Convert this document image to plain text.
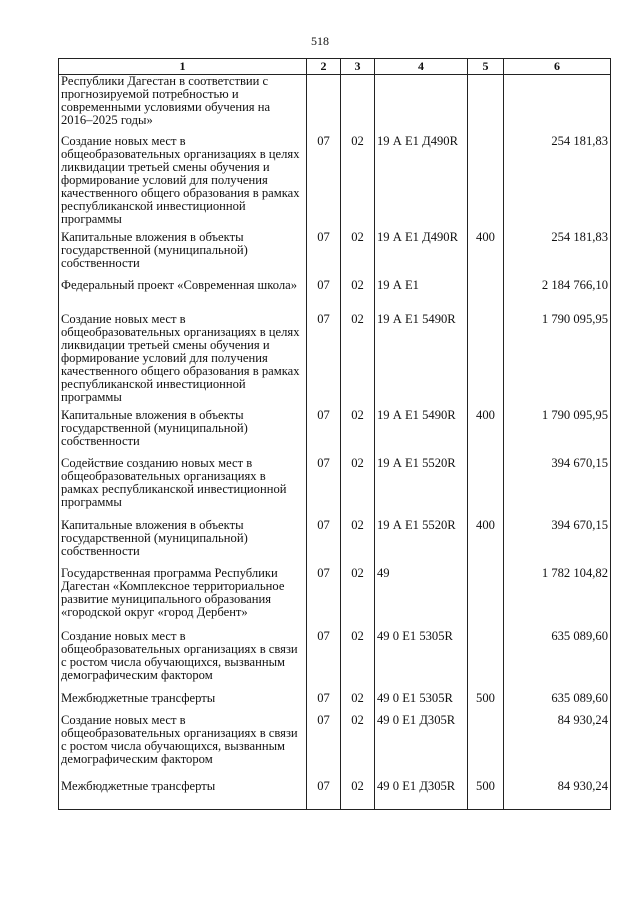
518
1	2	3	4	5	6
Республики Дагестан в соответствии с прогнозируемой потребностью и современными условиями обучения на 2016–2025 годы»					
Создание новых мест в общеобразовательных организациях в целях ликвидации третьей смены обучения и формирование условий для получения качественного общего образования в рамках республиканской инвестиционной программы	07	02	19 А Е1 Д490R		254 181,83
Капитальные вложения в объекты государственной (муниципальной) собственности	07	02	19 А Е1 Д490R	400	254 181,83
Федеральный проект «Современная школа»	07	02	19 А Е1		2 184 766,10
Создание новых мест в общеобразовательных организациях в целях ликвидации третьей смены обучения и формирование условий для получения качественного общего образования в рамках республиканской инвестиционной программы	07	02	19 А Е1 5490R		1 790 095,95
Капитальные вложения в объекты государственной (муниципальной) собственности	07	02	19 А Е1 5490R	400	1 790 095,95
Содействие созданию новых мест в общеобразовательных организациях в рамках республиканской инвестиционной программы	07	02	19 А Е1 5520R		394 670,15
Капитальные вложения в объекты государственной (муниципальной) собственности	07	02	19 А Е1 5520R	400	394 670,15
Государственная программа Республики Дагестан «Комплексное территориальное развитие муниципального образования «городской округ «город Дербент»	07	02	49		1 782 104,82
Создание новых мест в общеобразовательных организациях в связи с ростом числа обучающихся, вызванным демографическим фактором	07	02	49 0 Е1 5305R		635 089,60
Межбюджетные трансферты	07	02	49 0 Е1 5305R	500	635 089,60
Создание новых мест в общеобразовательных организациях в связи с ростом числа обучающихся, вызванным демографическим фактором	07	02	49 0 Е1 Д305R		84 930,24
Межбюджетные трансферты	07	02	49 0 Е1 Д305R	500	84 930,24
